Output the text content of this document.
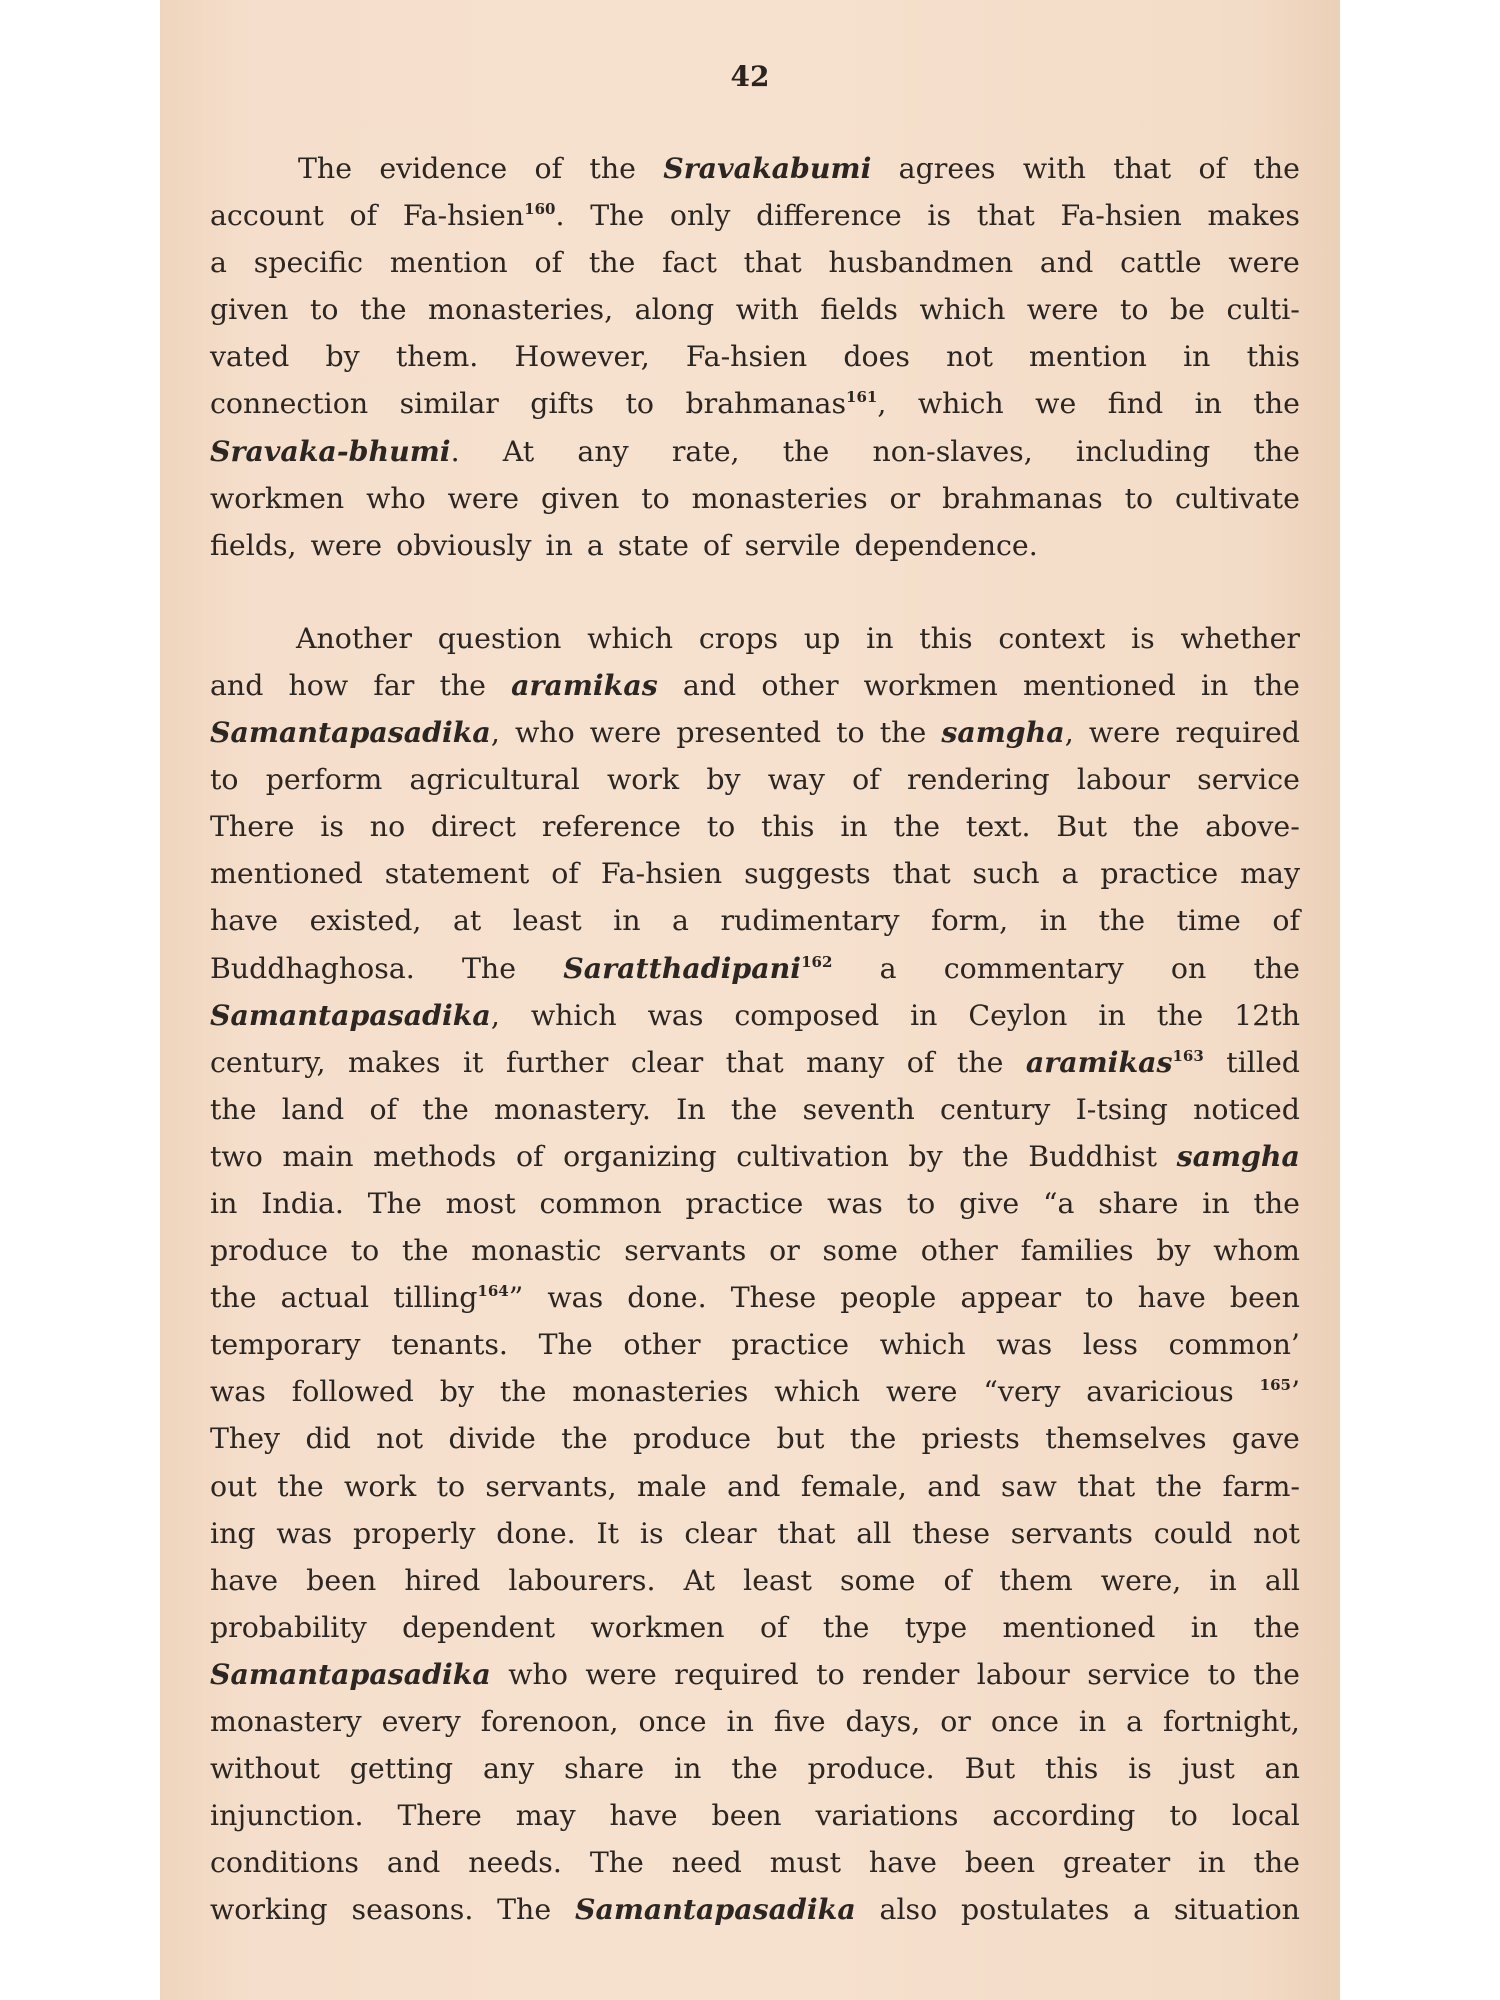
42
The evidence of the Sravakabumi agrees with that of the
account of Fa-hsien$^{160}$. The only difference is that Fa-hsien makes
a specific mention of the fact that husbandmen and cattle were
given to the monasteries, along with fields which were to be culti-
vated by them. However, Fa-hsien does not mention in this
connection similar gifts to brahmanas$^{161}$, which we find in the
Sravaka-bhumi. At any rate, the non-slaves, including the
workmen who were given to monasteries or brahmanas to cultivate
fields, were obviously in a state of servile dependence.
Another question which crops up in this context is whether
and how far the aramikas and other workmen mentioned in the
Samantapasadika, who were presented to the samgha, were required
to perform agricultural work by way of rendering labour service
There is no direct reference to this in the text. But the above-
mentioned statement of Fa-hsien suggests that such a practice may
have existed, at least in a rudimentary form, in the time of
Buddhaghosa. The Saratthadipani$^{162}$ a commentary on the
Samantapasadika, which was composed in Ceylon in the 12th
century, makes it further clear that many of the aramikas$^{163}$ tilled
the land of the monastery. In the seventh century I-tsing noticed
two main methods of organizing cultivation by the Buddhist samgha
in India. The most common practice was to give “a share in the
produce to the monastic servants or some other families by whom
the actual tilling$^{164}$” was done. These people appear to have been
temporary tenants. The other practice which was less common’
was followed by the monasteries which were “very avaricious $^{165}$’
They did not divide the produce but the priests themselves gave
out the work to servants, male and female, and saw that the farm-
ing was properly done. It is clear that all these servants could not
have been hired labourers. At least some of them were, in all
probability dependent workmen of the type mentioned in the
Samantapasadika who were required to render labour service to the
monastery every forenoon, once in five days, or once in a fortnight,
without getting any share in the produce. But this is just an
injunction. There may have been variations according to local
conditions and needs. The need must have been greater in the
working seasons. The Samantapasadika also postulates a situation
